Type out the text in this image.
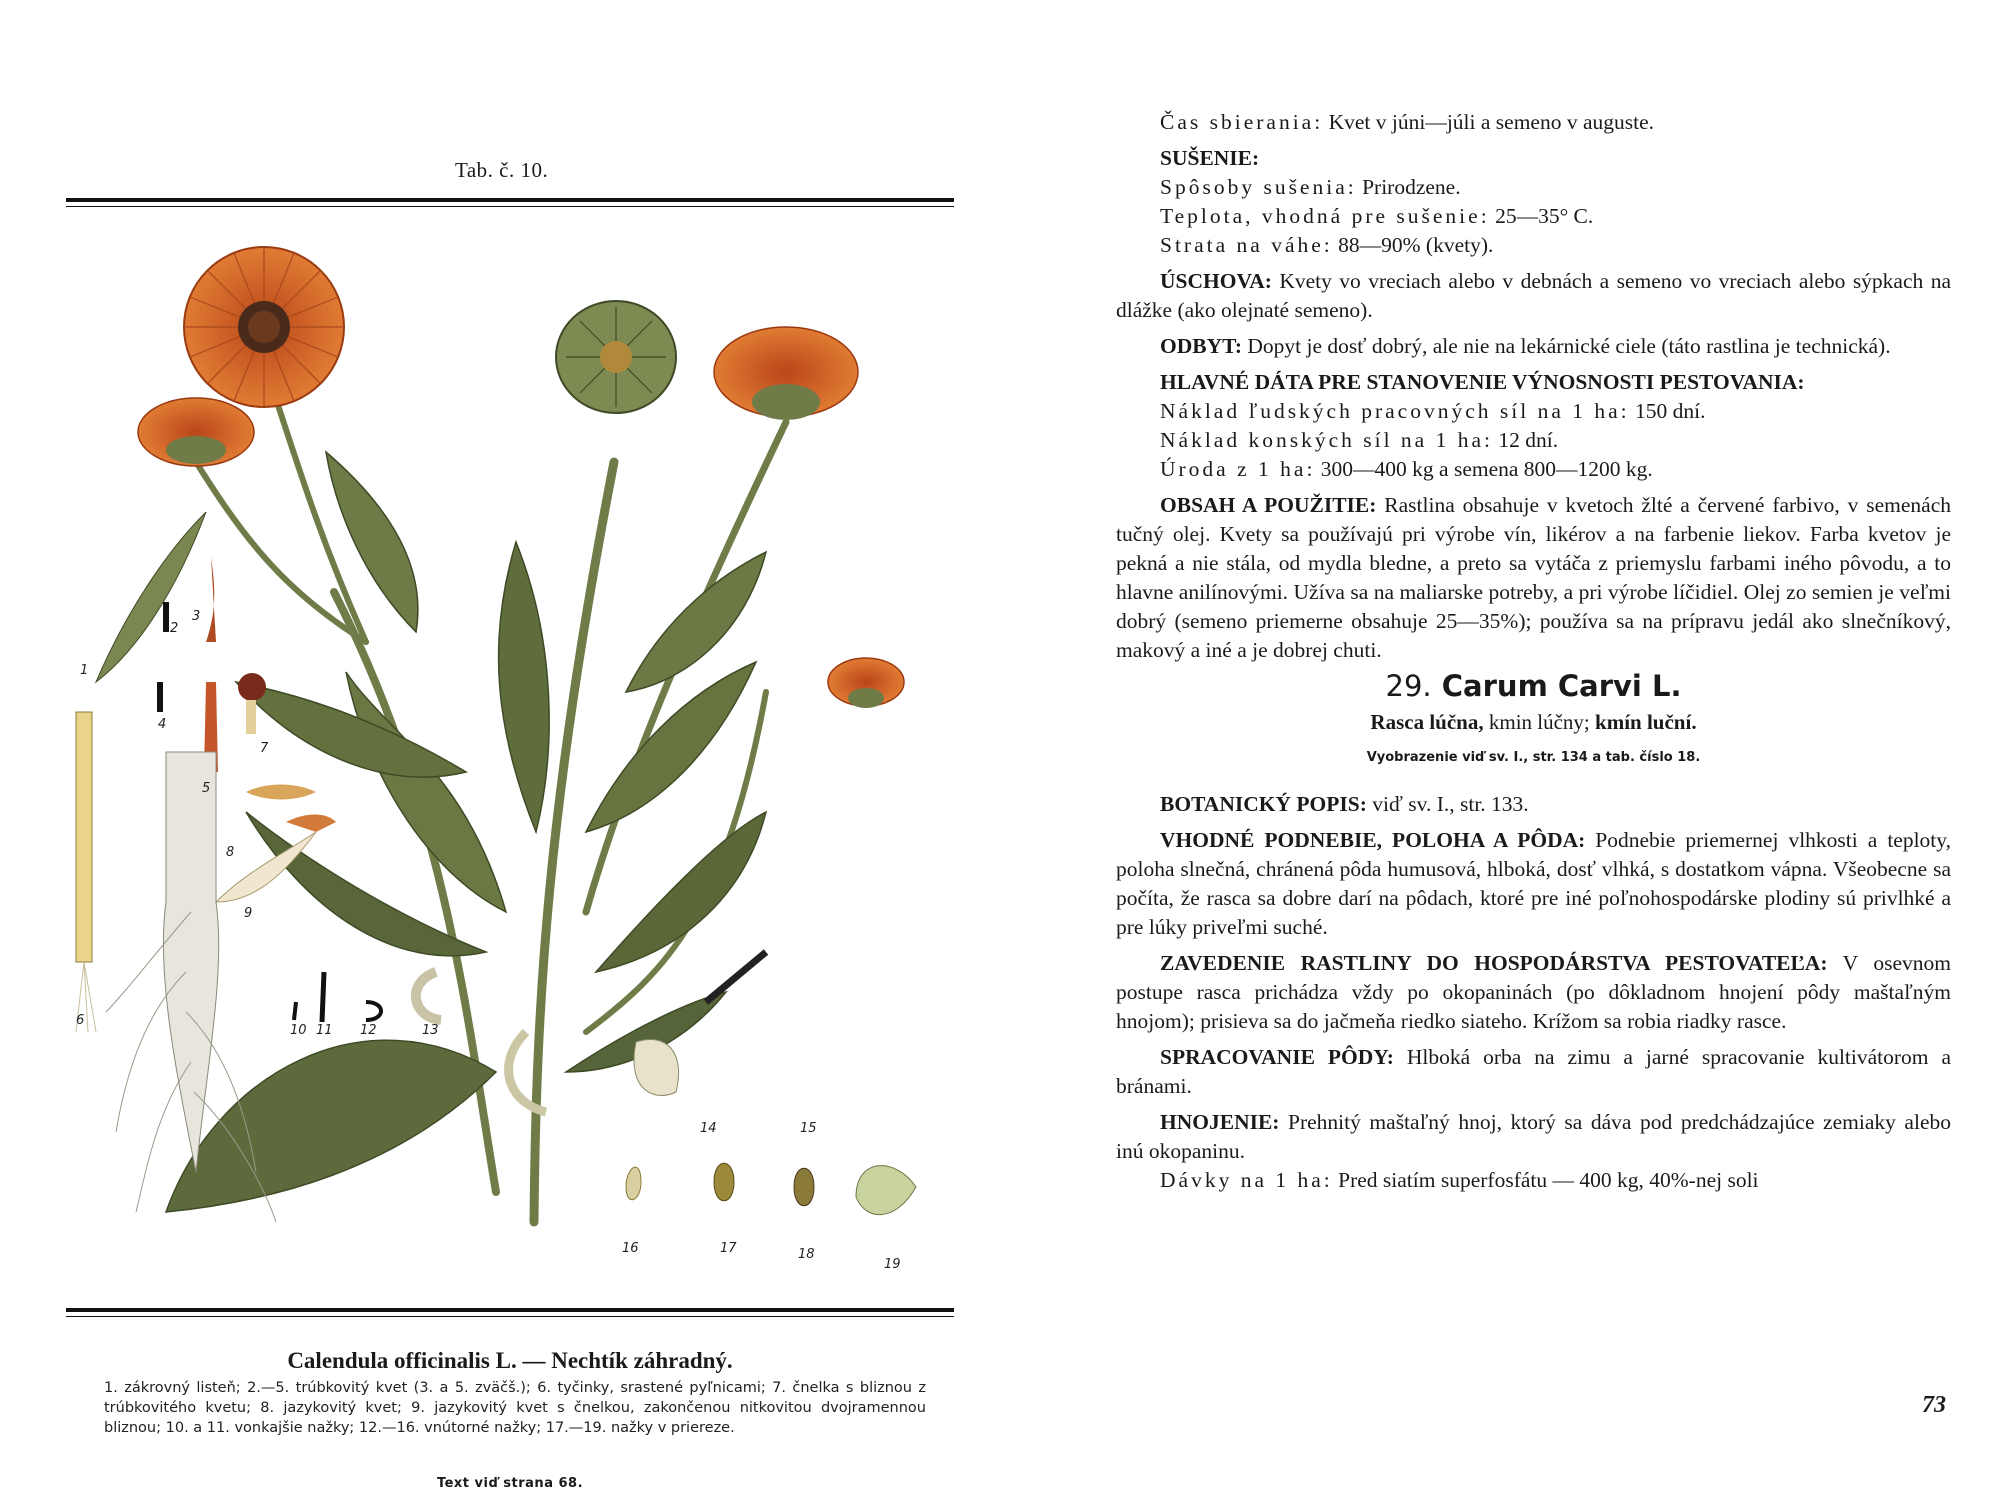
Tab. č. 10.
1
2
3
4
5
6
7
8
9
10 11 12	13
14	15
16	17	18
19
Calendula officinalis L. — Nechtík záhradný.
1. zákrovný listeň; 2.—5. trúbkovitý kvet (3. a 5. zväčš.); 6. tyčinky, srastené pyľnicami; 7. čnelka s bliznou z trúbkovitého kvetu; 8. jazykovitý kvet; 9. jazykovitý kvet s čnelkou, zakončenou nitkovitou dvojramennou bliznou; 10. a 11. vonkajšie nažky; 12.—16. vnútorné nažky; 17.—19. nažky v priereze.
Text viď strana 68.

Čas sbierania: Kvet v júni—júli a semeno v auguste.

SUŠENIE:

Spôsoby sušenia: Prirodzene.

Teplota, vhodná pre sušenie: 25—35° C.

Strata na váhe: 88—90% (kvety).

ÚSCHOVA: Kvety vo vreciach alebo v debnách a semeno vo vreciach alebo sýpkach na dlážke (ako olejnaté semeno).

ODBYT: Dopyt je dosť dobrý, ale nie na lekárnické ciele (táto rastlina je technická).

HLAVNÉ DÁTA PRE STANOVENIE VÝNOSNOSTI PESTOVANIA:

Náklad ľudských pracovných síl na 1 ha: 150 dní.

Náklad konských síl na 1 ha: 12 dní.

Úroda z 1 ha: 300—400 kg a semena 800—1200 kg.

OBSAH A POUŽITIE: Rastlina obsahuje v kvetoch žlté a červené farbivo, v semenách tučný olej. Kvety sa používajú pri výrobe vín, likérov a na farbenie liekov. Farba kvetov je pekná a nie stála, od mydla bledne, a preto sa vytáča z priemyslu farbami iného pôvodu, a to hlavne anilínovými. Užíva sa na maliarske potreby, a pri výrobe líčidiel. Olej zo semien je veľmi dobrý (semeno priemerne obsahuje 25—35%); používa sa na prípravu jedál ako slnečníkový, makový a iné a je dobrej chuti.

29. Carum Carvi L.

Rasca lúčna, kmin lúčny; kmín luční.

Vyobrazenie viď sv. I., str. 134 a tab. číslo 18.

BOTANICKÝ POPIS: viď sv. I., str. 133.

VHODNÉ PODNEBIE, POLOHA A PÔDA: Podnebie priemernej vlhkosti a teploty, poloha slnečná, chránená pôda humusová, hlboká, dosť vlhká, s dostatkom vápna. Všeobecne sa počíta, že rasca sa dobre darí na pôdach, ktoré pre iné poľnohospodárske plodiny sú privlhké a pre lúky priveľmi suché.

ZAVEDENIE RASTLINY DO HOSPODÁRSTVA PESTOVATEĽA: V osevnom postupe rasca prichádza vždy po okopaninách (po dôkladnom hnojení pôdy maštaľným hnojom); prisieva sa do jačmeňa riedko siateho. Krížom sa robia riadky rasce.

SPRACOVANIE PÔDY: Hlboká orba na zimu a jarné spracovanie kultivátorom a bránami.

HNOJENIE: Prehnitý maštaľný hnoj, ktorý sa dáva pod predchádzajúce zemiaky alebo inú okopaninu.

Dávky na 1 ha: Pred siatím superfosfátu — 400 kg, 40%-nej soli

73
